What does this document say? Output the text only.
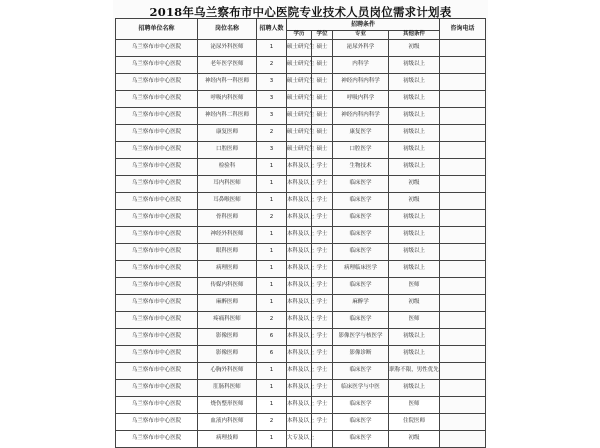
2018年乌兰察布市中心医院专业技术人员岗位需求计划表
招聘单位名称	岗位名称	招聘人数	招聘条件				咨询电话
			学历	学位	专业	其他条件	
乌兰察布市中心医院	泌尿外科医师	1	硕士研究生	硕士	泌尿外科学	初级	
乌兰察布市中心医院	老年医学医师	2	硕士研究生	硕士	内科学	初级以上	
乌兰察布市中心医院	神经内科一科医师	3	硕士研究生	硕士	神经内科内科学	初级以上	
乌兰察布市中心医院	呼吸内科医师	3	硕士研究生	硕士	呼吸内科学	初级以上	
乌兰察布市中心医院	神经内科二科医师	3	硕士研究生	硕士	神经内科内科学	初级以上	
乌兰察布市中心医院	康复医师	2	硕士研究生	硕士	康复医学	初级以上	
乌兰察布市中心医院	口腔医师	3	硕士研究生	硕士	口腔医学	初级以上	
乌兰察布市中心医院	检验科	1	本科及以上	学士	生物技术	初级以上	
乌兰察布市中心医院	耳内科医师	1	本科及以上	学士	临床医学	初级	
乌兰察布市中心医院	耳鼻喉医师	1	本科及以上	学士	临床医学	初级	
乌兰察布市中心医院	骨科医师	2	本科及以上	学士	临床医学	初级以上	
乌兰察布市中心医院	神经外科医师	1	本科及以上	学士	临床医学	初级以上	
乌兰察布市中心医院	眼科医师	1	本科及以上	学士	临床医学	初级以上	
乌兰察布市中心医院	病理医师	1	本科及以上	学士	病理临床医学	初级以上	
乌兰察布市中心医院	传媒内科医师	1	本科及以上	学士	临床医学	医师	
乌兰察布市中心医院	麻醉医师	1	本科及以上	学士	麻醉学	初级	
乌兰察布市中心医院	疼痛科医师	2	本科及以上	学士	临床医学	医师	
乌兰察布市中心医院	影像医师	6	本科及以上	学士	影像医学与核医学	初级以上	
乌兰察布市中心医院	影像医师	6	本科及以上	学士	影像诊断	初级以上	
乌兰察布市中心医院	心胸外科医师	1	本科及以上	学士	临床医学	职称不限，男性优先	
乌兰察布市中心医院	肛肠科医师	1	本科及以上	学士	临床医学与中医	初级以上	
乌兰察布市中心医院	烧伤整形医师	1	本科及以上	学士	临床医学	医师	
乌兰察布市中心医院	血液内科医师	2	本科及以上	学士	临床医学	住院医师	
乌兰察布市中心医院	病理技师	1	大专及以上		临床医学	初级	
